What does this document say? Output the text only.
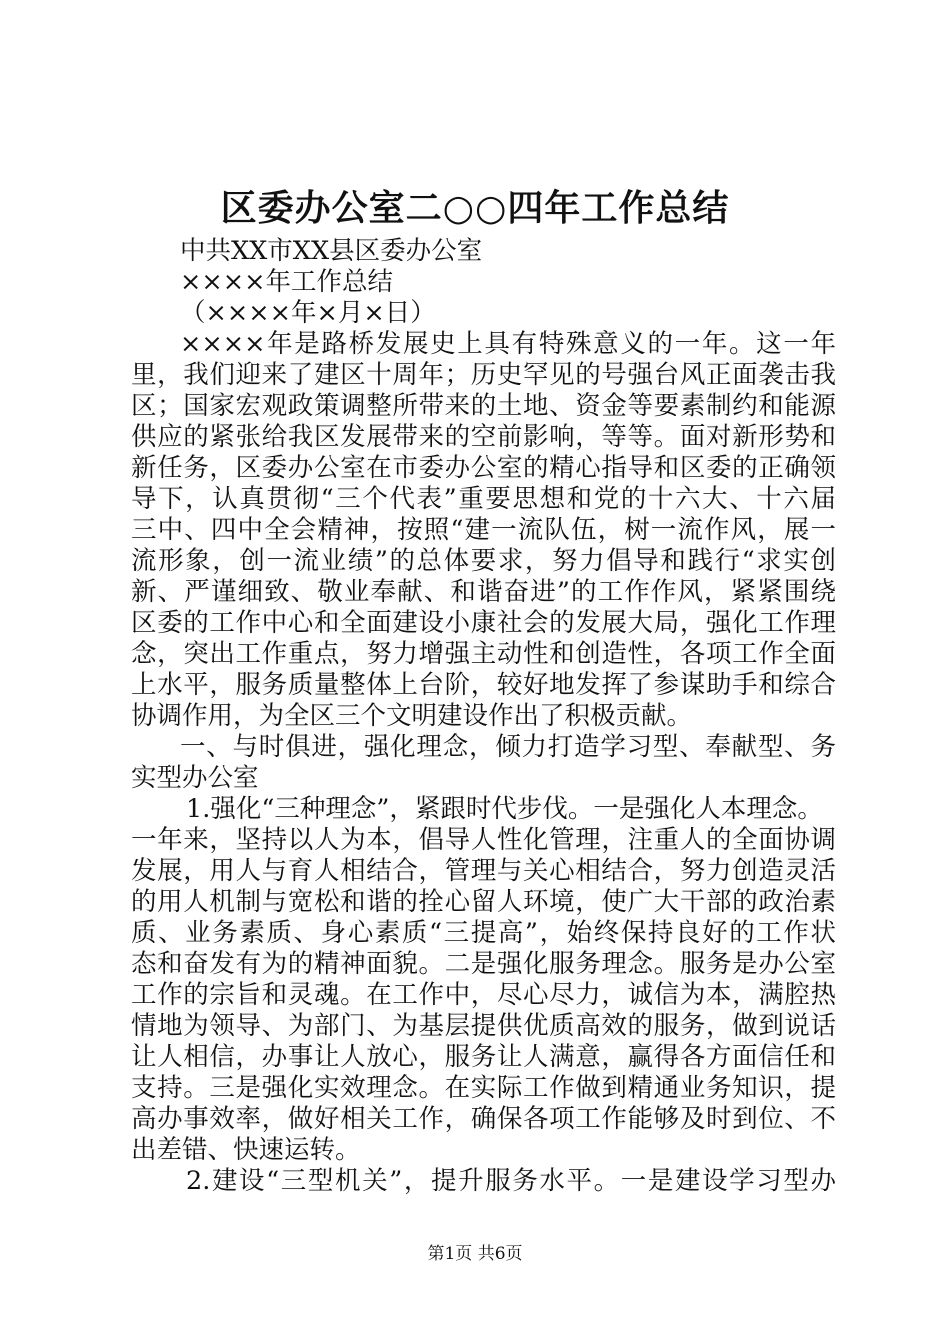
区委办公室二○○四年工作总结
中共XX市XX县区委办公室
××××年工作总结
（××××年×月×日）
××××年是路桥发展史上具有特殊意义的一年。这一年
里，我们迎来了建区十周年；历史罕见的号强台风正面袭击我
区；国家宏观政策调整所带来的土地、资金等要素制约和能源
供应的紧张给我区发展带来的空前影响，等等。面对新形势和
新任务，区委办公室在市委办公室的精心指导和区委的正确领
导下，认真贯彻“三个代表”重要思想和党的十六大、十六届
三中、四中全会精神，按照“建一流队伍，树一流作风，展一
流形象，创一流业绩”的总体要求，努力倡导和践行“求实创
新、严谨细致、敬业奉献、和谐奋进”的工作作风，紧紧围绕
区委的工作中心和全面建设小康社会的发展大局，强化工作理
念，突出工作重点，努力增强主动性和创造性，各项工作全面
上水平，服务质量整体上台阶，较好地发挥了参谋助手和综合
协调作用，为全区三个文明建设作出了积极贡献。
一、与时俱进，强化理念，倾力打造学习型、奉献型、务
实型办公室
1.强化“三种理念”，紧跟时代步伐。一是强化人本理念。
一年来，坚持以人为本，倡导人性化管理，注重人的全面协调
发展，用人与育人相结合，管理与关心相结合，努力创造灵活
的用人机制与宽松和谐的拴心留人环境，使广大干部的政治素
质、业务素质、身心素质“三提高”，始终保持良好的工作状
态和奋发有为的精神面貌。二是强化服务理念。服务是办公室
工作的宗旨和灵魂。在工作中，尽心尽力，诚信为本，满腔热
情地为领导、为部门、为基层提供优质高效的服务，做到说话
让人相信，办事让人放心，服务让人满意，赢得各方面信任和
支持。三是强化实效理念。在实际工作做到精通业务知识，提
高办事效率，做好相关工作，确保各项工作能够及时到位、不
出差错、快速运转。
2.建设“三型机关”，提升服务水平。一是建设学习型办
第1页 共6页
